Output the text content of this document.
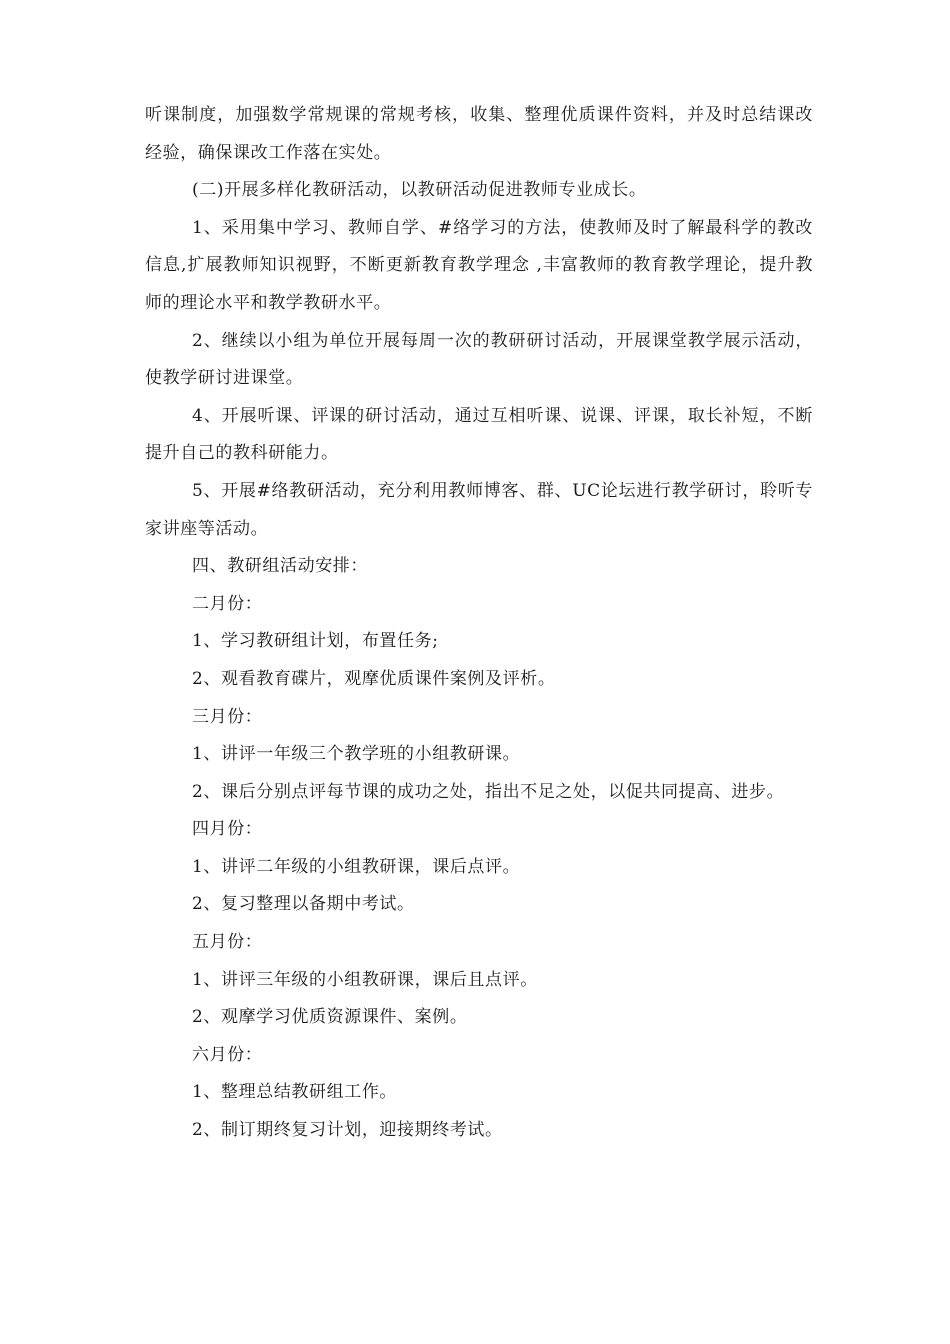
听课制度，加强数学常规课的常规考核，收集、整理优质课件资料，并及时总结课改经验，确保课改工作落在实处。

(二)开展多样化教研活动，以教研活动促进教师专业成长。

1、采用集中学习、教师自学、#络学习的方法，使教师及时了解最科学的教改信息,扩展教师知识视野，不断更新教育教学理念 ,丰富教师的教育教学理论，提升教师的理论水平和教学教研水平。

2、继续以小组为单位开展每周一次的教研研讨活动，开展课堂教学展示活动，使教学研讨进课堂。

4、开展听课、评课的研讨活动，通过互相听课、说课、评课，取长补短，不断提升自己的教科研能力。

5、开展#络教研活动，充分利用教师博客、群、UC论坛进行教学研讨，聆听专家讲座等活动。

四、教研组活动安排：

二月份：

1、学习教研组计划，布置任务;

2、观看教育碟片，观摩优质课件案例及评析。

三月份：

1、讲评一年级三个教学班的小组教研课。

2、课后分别点评每节课的成功之处，指出不足之处，以促共同提高、进步。

四月份：

1、讲评二年级的小组教研课，课后点评。

2、复习整理以备期中考试。

五月份：

1、讲评三年级的小组教研课，课后且点评。

2、观摩学习优质资源课件、案例。

六月份：

1、整理总结教研组工作。

2、制订期终复习计划，迎接期终考试。
